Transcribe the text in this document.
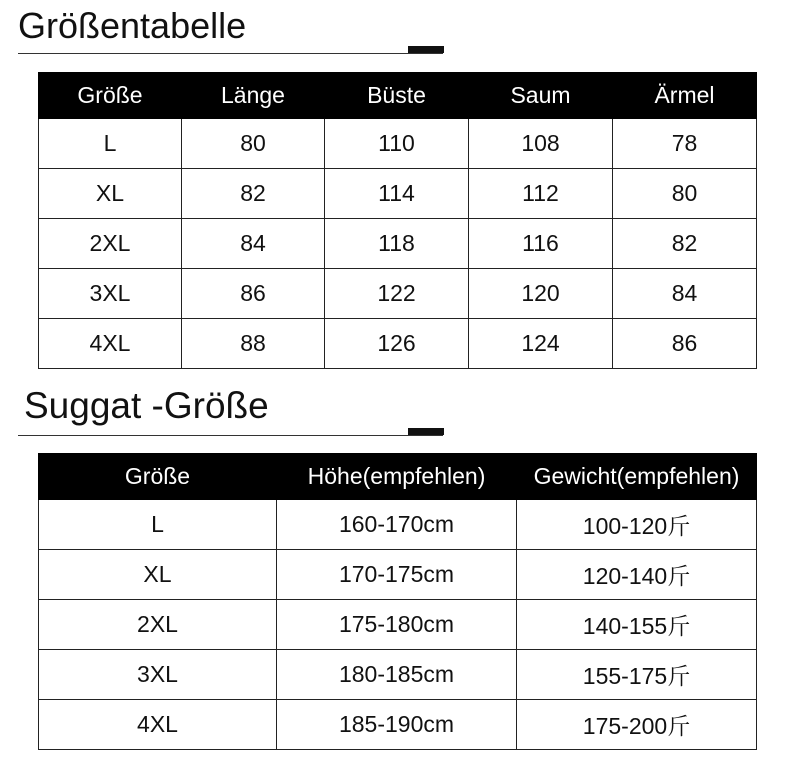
Größentabelle
Größe	Länge	Büste	Saum	Ärmel
L	80	110	108	78
XL	82	114	112	80
2XL	84	118	116	82
3XL	86	122	120	84
4XL	88	126	124	86
Suggat -Größe
Größe	Höhe(empfehlen)	Gewicht(empfehlen)
L	160-170cm	100-120斤
XL	170-175cm	120-140斤
2XL	175-180cm	140-155斤
3XL	180-185cm	155-175斤
4XL	185-190cm	175-200斤
